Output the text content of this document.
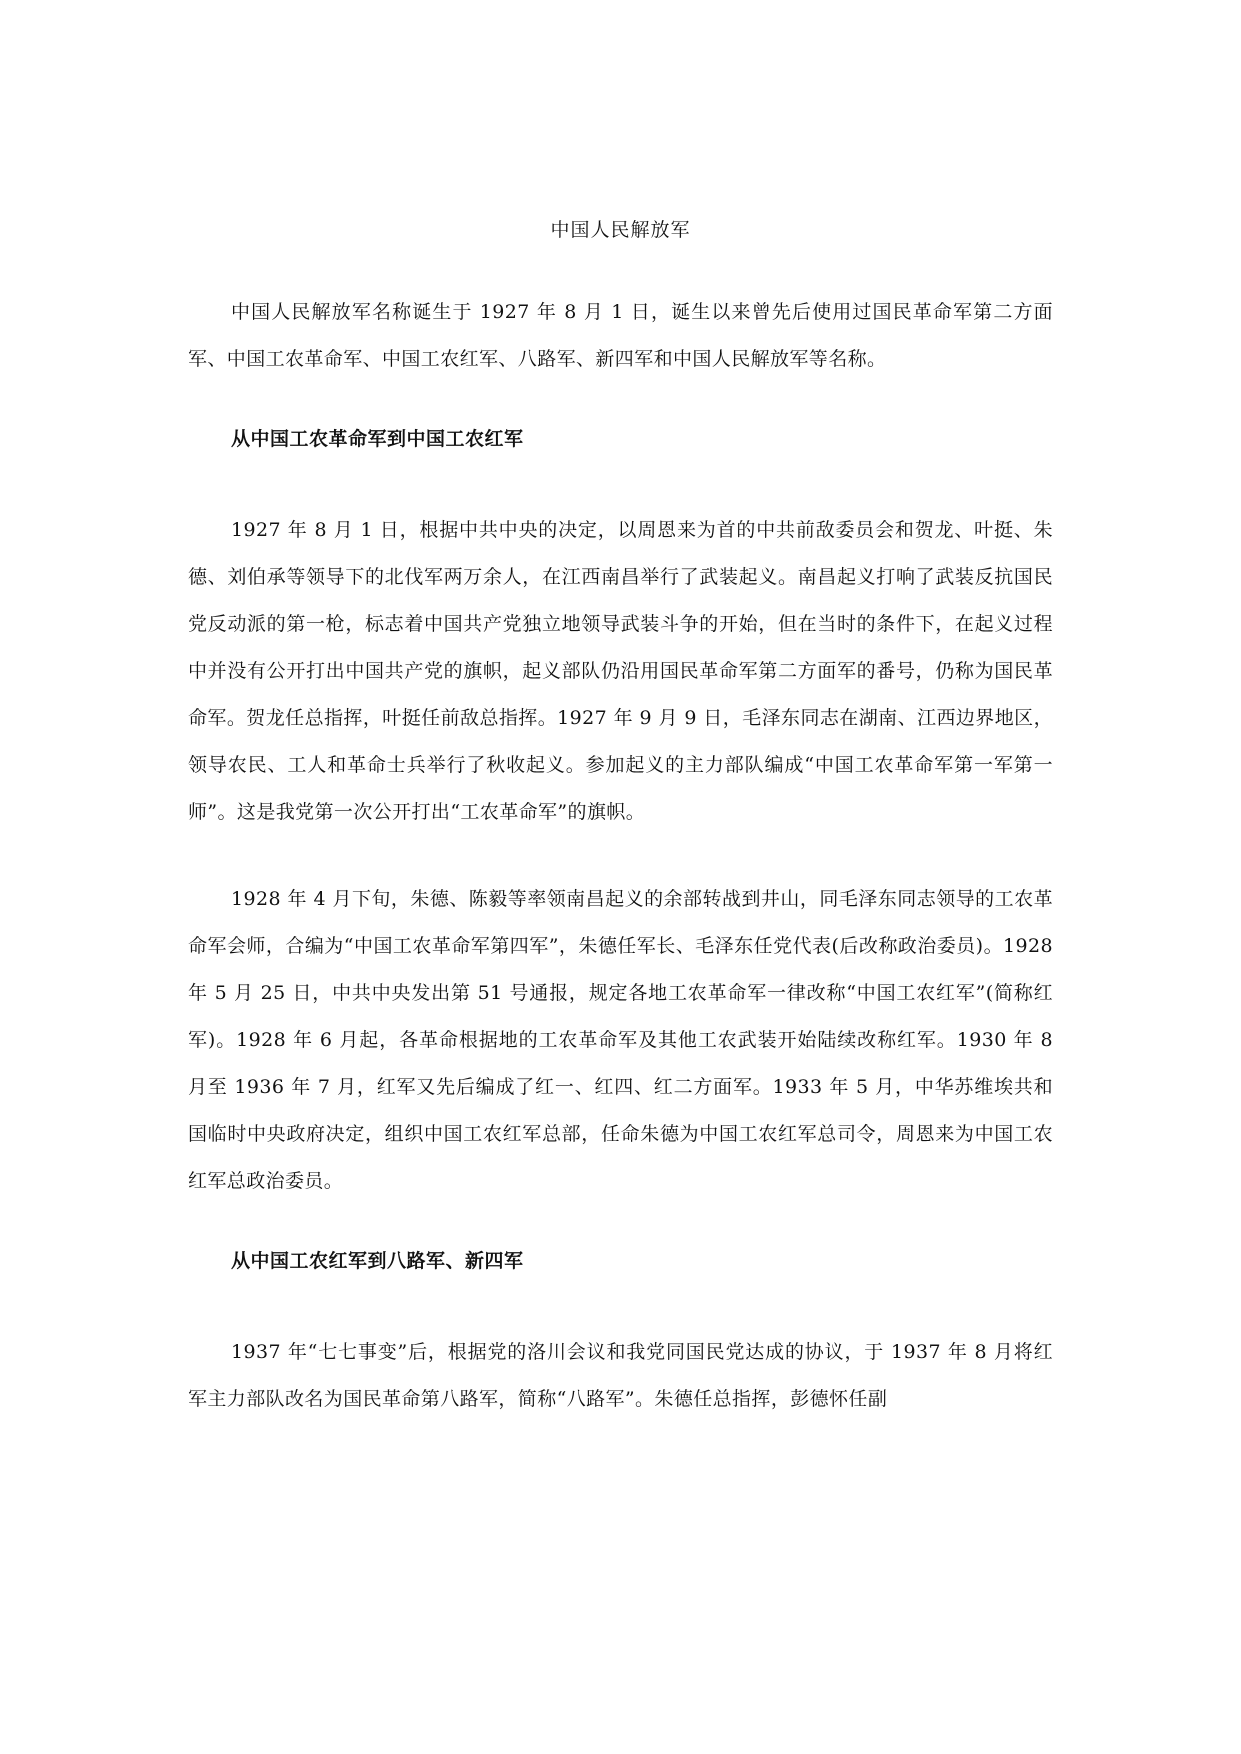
中国人民解放军

中国人民解放军名称诞生于 1927 年 8 月 1 日，诞生以来曾先后使用过国民革命军第二方面军、中国工农革命军、中国工农红军、八路军、新四军和中国人民解放军等名称。

从中国工农革命军到中国工农红军

1927 年 8 月 1 日，根据中共中央的决定，以周恩来为首的中共前敌委员会和贺龙、叶挺、朱德、刘伯承等领导下的北伐军两万余人，在江西南昌举行了武装起义。南昌起义打响了武装反抗国民党反动派的第一枪，标志着中国共产党独立地领导武装斗争的开始，但在当时的条件下，在起义过程中并没有公开打出中国共产党的旗帜，起义部队仍沿用国民革命军第二方面军的番号，仍称为国民革命军。贺龙任总指挥，叶挺任前敌总指挥。1927 年 9 月 9 日，毛泽东同志在湖南、江西边界地区，领导农民、工人和革命士兵举行了秋收起义。参加起义的主力部队编成“中国工农革命军第一军第一师”。这是我党第一次公开打出“工农革命军”的旗帜。

1928 年 4 月下旬，朱德、陈毅等率领南昌起义的余部转战到井山，同毛泽东同志领导的工农革命军会师，合编为“中国工农革命军第四军”，朱德任军长、毛泽东任党代表(后改称政治委员)。1928 年 5 月 25 日，中共中央发出第 51 号通报，规定各地工农革命军一律改称“中国工农红军”(简称红军)。1928 年 6 月起，各革命根据地的工农革命军及其他工农武装开始陆续改称红军。1930 年 8 月至 1936 年 7 月，红军又先后编成了红一、红四、红二方面军。1933 年 5 月，中华苏维埃共和国临时中央政府决定，组织中国工农红军总部，任命朱德为中国工农红军总司令，周恩来为中国工农红军总政治委员。

从中国工农红军到八路军、新四军

1937 年“七七事变”后，根据党的洛川会议和我党同国民党达成的协议，于 1937 年 8 月将红军主力部队改名为国民革命第八路军，简称“八路军”。朱德任总指挥，彭德怀任副
